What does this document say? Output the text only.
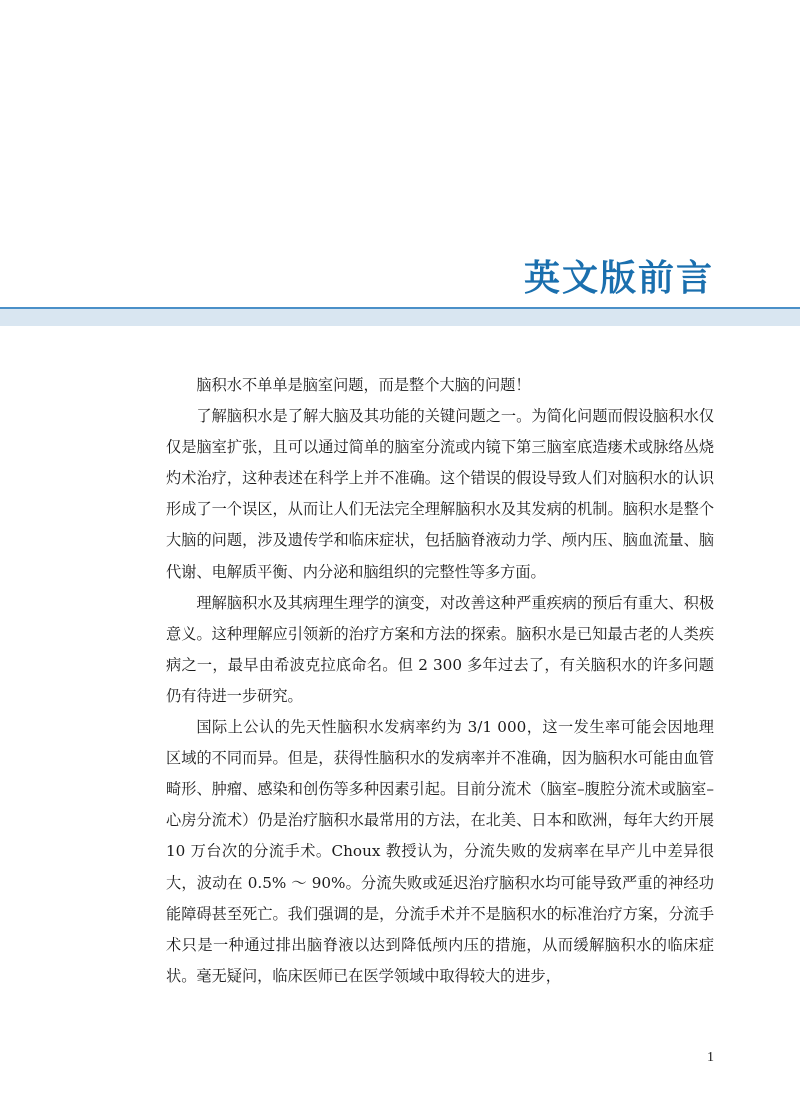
英文版前言

脑积水不单单是脑室问题，而是整个大脑的问题！

了解脑积水是了解大脑及其功能的关键问题之一。为简化问题而假设脑积水仅仅是脑室扩张，且可以通过简单的脑室分流或内镜下第三脑室底造瘘术或脉络丛烧灼术治疗，这种表述在科学上并不准确。这个错误的假设导致人们对脑积水的认识形成了一个误区，从而让人们无法完全理解脑积水及其发病的机制。脑积水是整个大脑的问题，涉及遗传学和临床症状，包括脑脊液动力学、颅内压、脑血流量、脑代谢、电解质平衡、内分泌和脑组织的完整性等多方面。

理解脑积水及其病理生理学的演变，对改善这种严重疾病的预后有重大、积极意义。这种理解应引领新的治疗方案和方法的探索。脑积水是已知最古老的人类疾病之一，最早由希波克拉底命名。但 2 300 多年过去了，有关脑积水的许多问题仍有待进一步研究。

国际上公认的先天性脑积水发病率约为 3/1 000，这一发生率可能会因地理区域的不同而异。但是，获得性脑积水的发病率并不准确，因为脑积水可能由血管畸形、肿瘤、感染和创伤等多种因素引起。目前分流术（脑室–腹腔分流术或脑室–心房分流术）仍是治疗脑积水最常用的方法，在北美、日本和欧洲，每年大约开展 10 万台次的分流手术。Choux 教授认为，分流失败的发病率在早产儿中差异很大，波动在 0.5% ～ 90%。分流失败或延迟治疗脑积水均可能导致严重的神经功能障碍甚至死亡。我们强调的是，分流手术并不是脑积水的标准治疗方案，分流手术只是一种通过排出脑脊液以达到降低颅内压的措施，从而缓解脑积水的临床症状。毫无疑问，临床医师已在医学领域中取得较大的进步，

1
